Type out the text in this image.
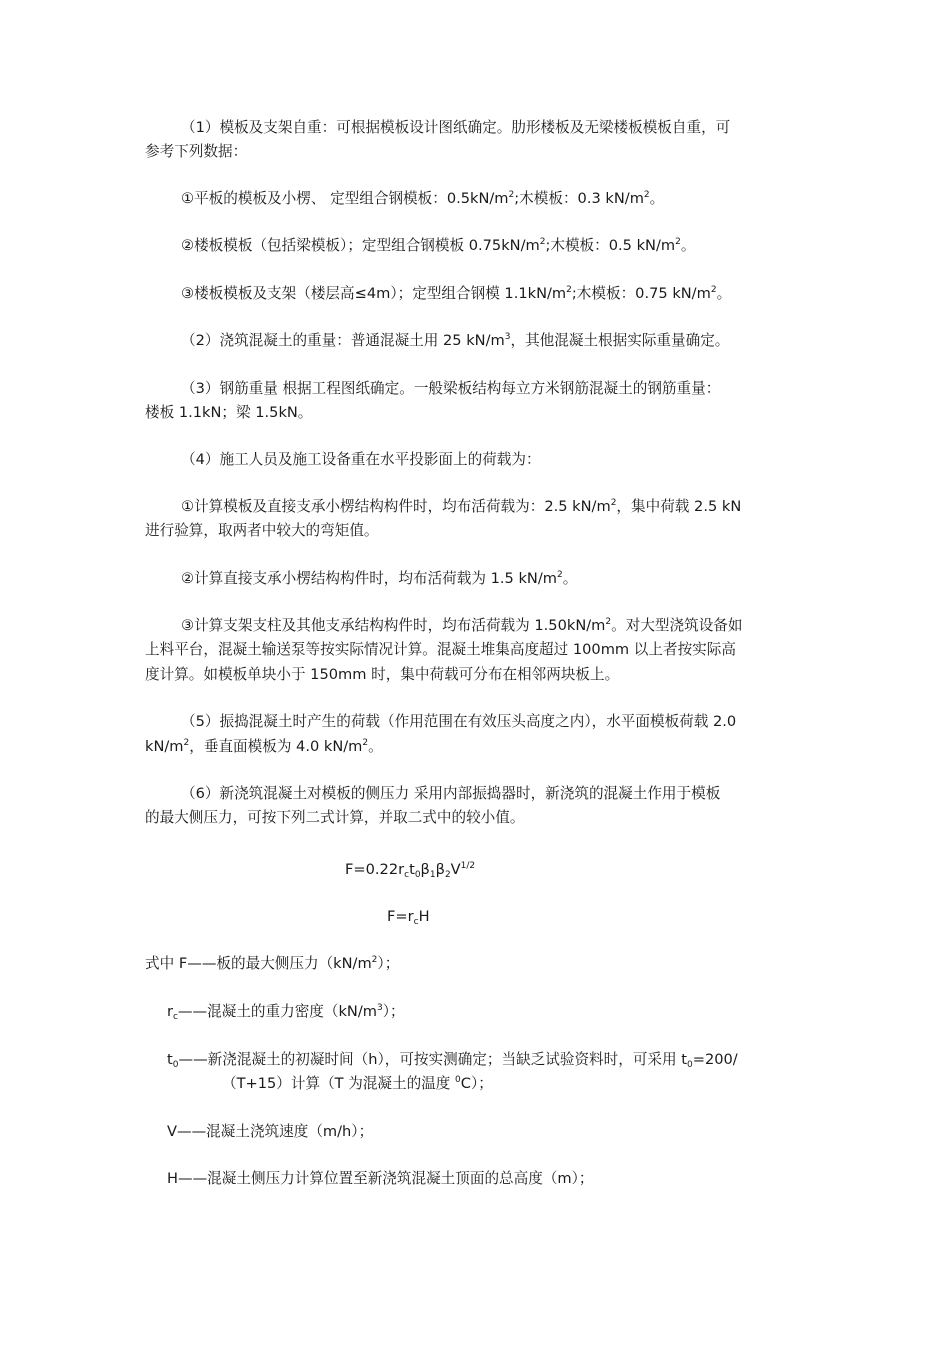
（1）模板及支架自重：可根据模板设计图纸确定。肋形楼板及无梁楼板模板自重，可
参考下列数据：
①平板的模板及小楞、 定型组合钢模板：$0.5kN/m^2$;木模板：0.3 $kN/m^2$。
②楼板模板（包括梁模板）；定型组合钢模板 $0.75kN/m^2$;木模板：0.5 $kN/m^2$。
③楼板模板及支架（楼层高≤4m）；定型组合钢模 $1.1kN/m^2$;木模板：0.75 $kN/m^2$。
（2）浇筑混凝土的重量：普通混凝土用 25 $kN/m^3$，其他混凝土根据实际重量确定。
（3）钢筋重量 根据工程图纸确定。一般梁板结构每立方米钢筋混凝土的钢筋重量：
楼板 1.1kN；梁 1.5kN。
（4）施工人员及施工设备重在水平投影面上的荷载为：
①计算模板及直接支承小楞结构构件时，均布活荷载为：2.5 $kN/m^2$，集中荷载 2.5 kN
进行验算，取两者中较大的弯矩值。
②计算直接支承小楞结构构件时，均布活荷载为 1.5 $kN/m^2$。
③计算支架支柱及其他支承结构构件时，均布活荷载为 $1.50kN/m^2$。对大型浇筑设备如
上料平台，混凝土输送泵等按实际情况计算。混凝土堆集高度超过 100mm 以上者按实际高
度计算。如模板单块小于 150mm 时，集中荷载可分布在相邻两块板上。
（5）振捣混凝土时产生的荷载（作用范围在有效压头高度之内），水平面模板荷载 2.0
$kN/m^2$，垂直面模板为 4.0 $kN/m^2$。
（6）新浇筑混凝土对模板的侧压力 采用内部振捣器时，新浇筑的混凝土作用于模板
的最大侧压力，可按下列二式计算，并取二式中的较小值。
$F=0.22r_ct_0\beta_1\beta_2V^{1/2}$
$F=r_cH$
式中 F——板的最大侧压力$(kN/m^2)$；
$r_c——$混凝土的重力密度$(kN/m^3)$；
$t_0——$新浇混凝土的初凝时间（h），可按实测确定；当缺乏试验资料时，可采用 $t_0=200/$
（T+15）计算（T 为混凝土的温度 $^0$C）；
V——混凝土浇筑速度（m/h）；
H——混凝土侧压力计算位置至新浇筑混凝土顶面的总高度（m）；
